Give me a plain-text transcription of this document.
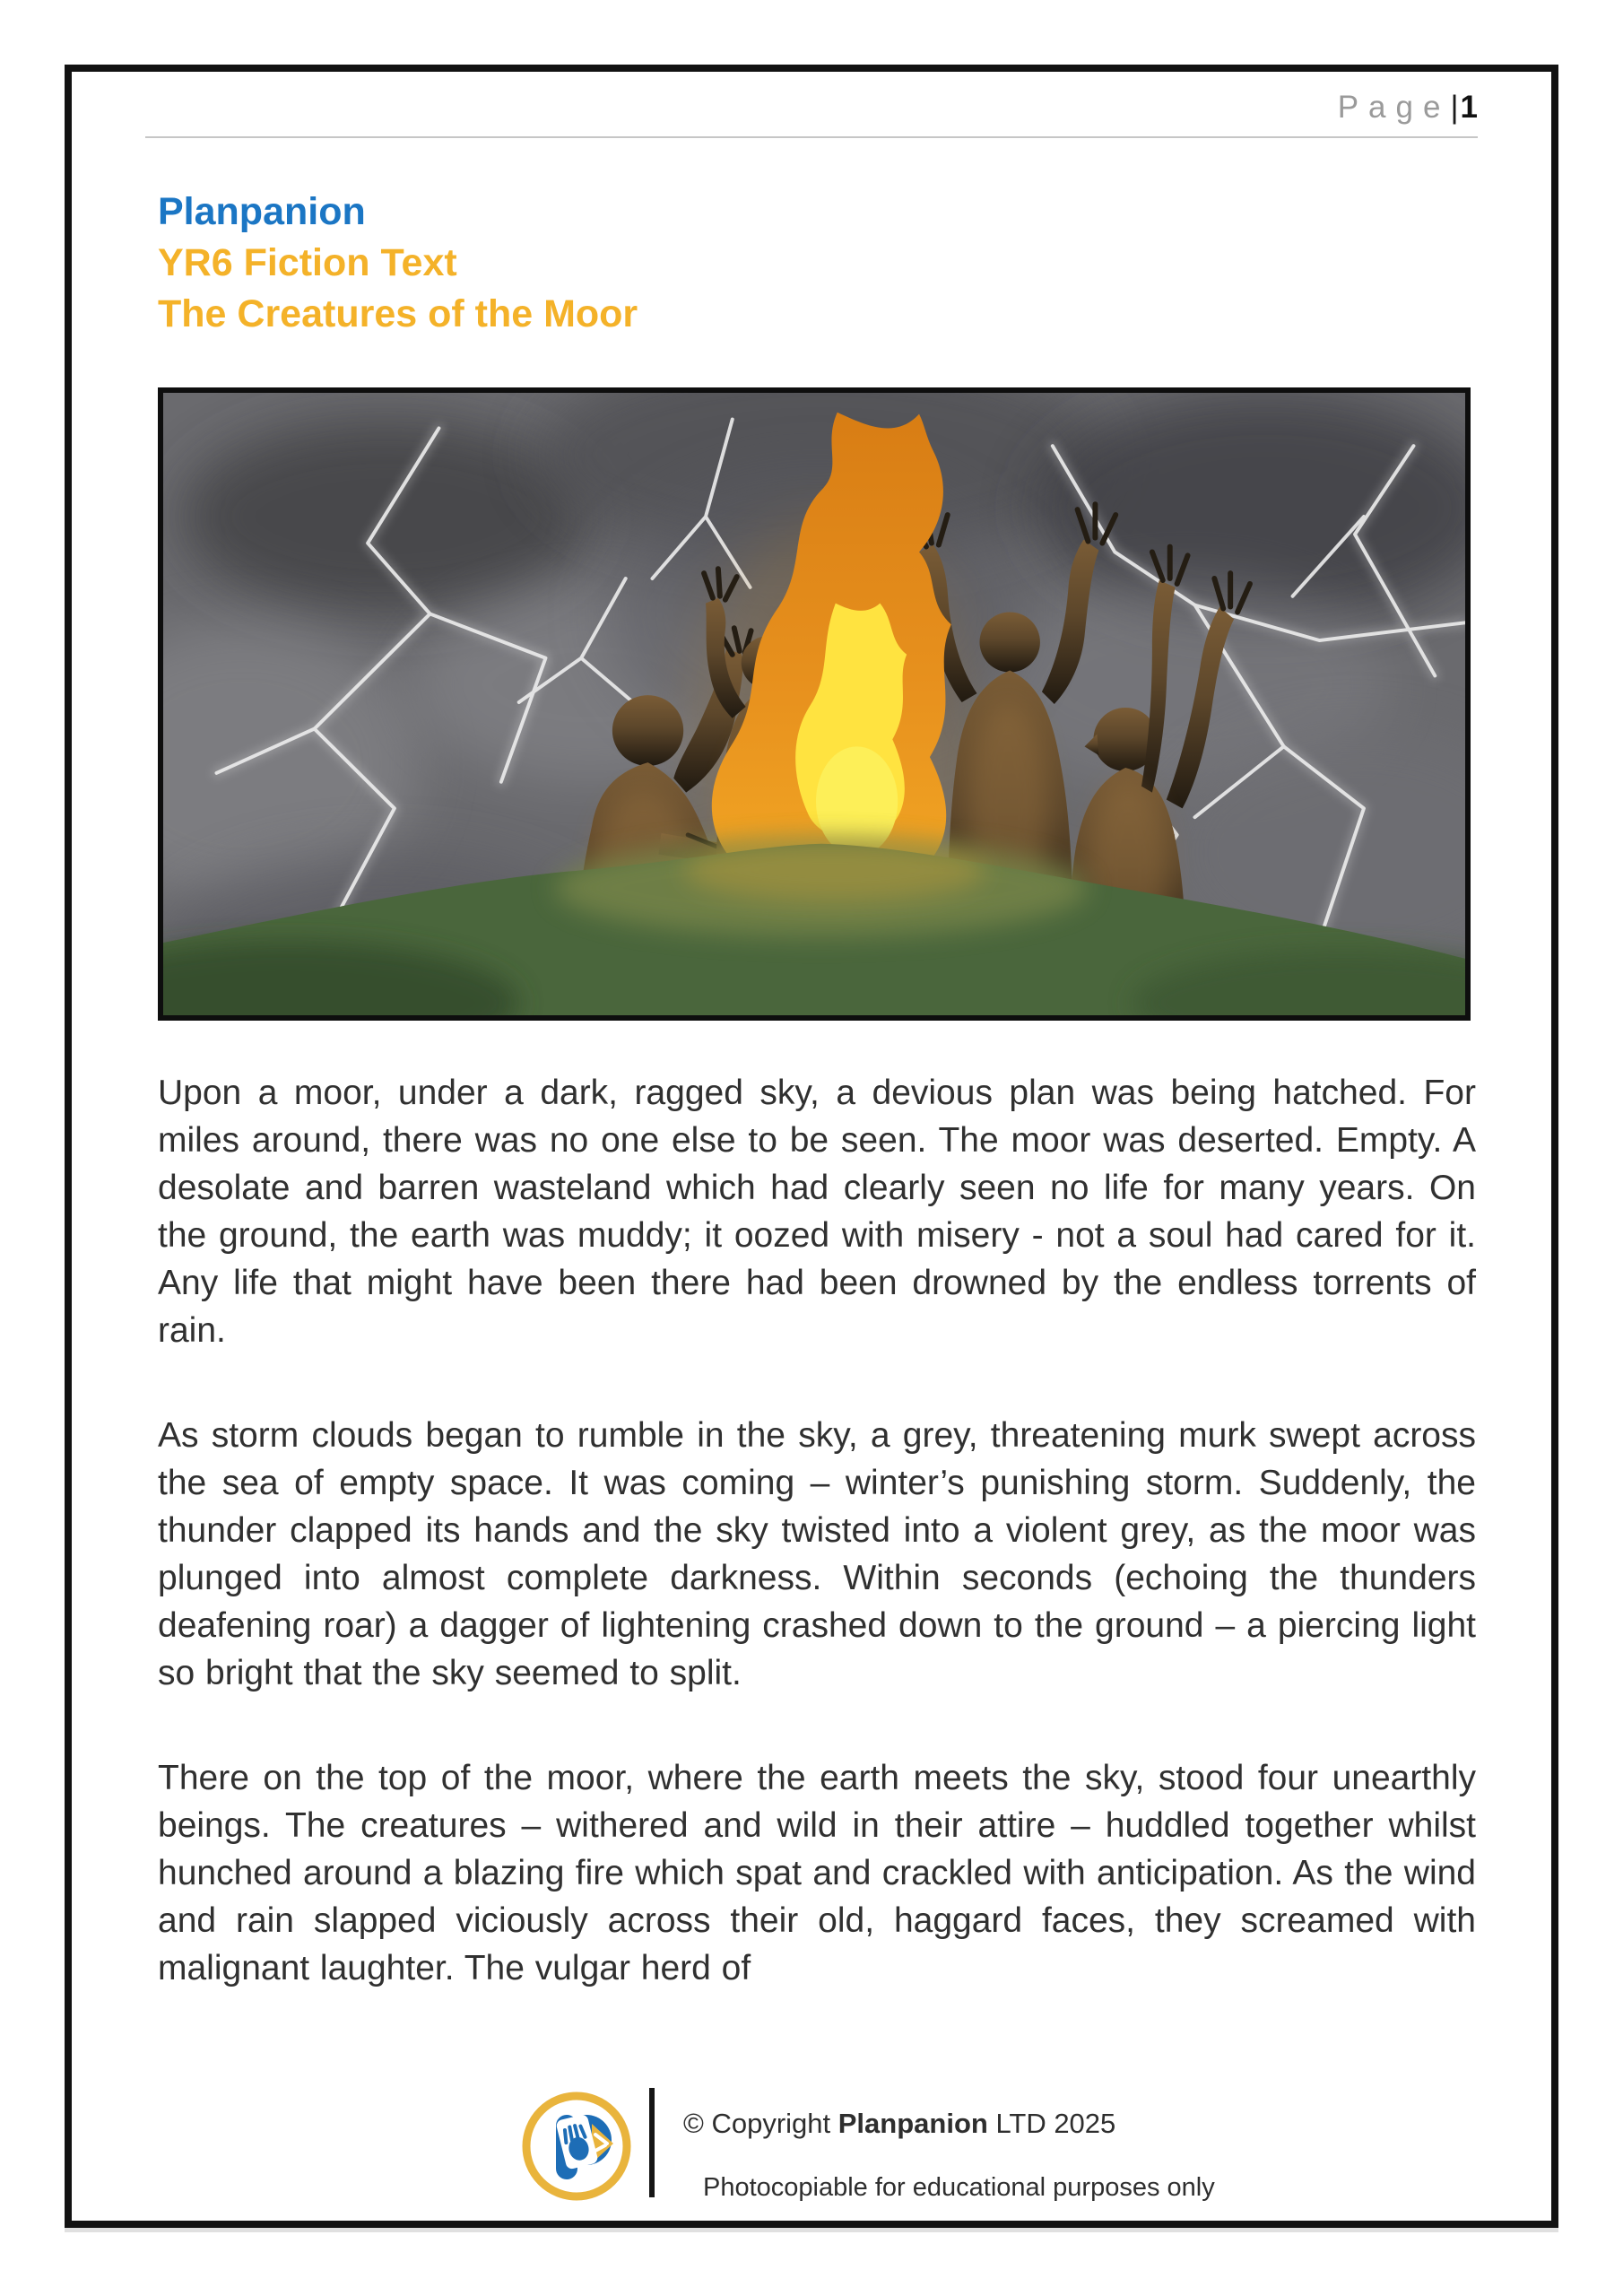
Page|1
Planpanion
YR6 Fiction Text
The Creatures of the Moor

Upon a moor, under a dark, ragged sky, a devious plan was being hatched. For miles around, there was no one else to be seen. The moor was deserted. Empty. A desolate and barren wasteland which had clearly seen no life for many years. On the ground, the earth was muddy; it oozed with misery - not a soul had cared for it. Any life that might have been there had been drowned by the endless torrents of rain.

As storm clouds began to rumble in the sky, a grey, threatening murk swept across the sea of empty space. It was coming – winter’s punishing storm. Suddenly, the thunder clapped its hands and the sky twisted into a violent grey, as the moor was plunged into almost complete darkness. Within seconds (echoing the thunders deafening roar) a dagger of lightening crashed down to the ground – a piercing light so bright that the sky seemed to split.

There on the top of the moor, where the earth meets the sky, stood four unearthly beings. The creatures – withered and wild in their attire – huddled together whilst hunched around a blazing fire which spat and crackled with anticipation. As the wind and rain slapped viciously across their old, haggard faces, they screamed with malignant laughter. The vulgar herd of

© Copyright Planpanion LTD 2025
Photocopiable for educational purposes only
